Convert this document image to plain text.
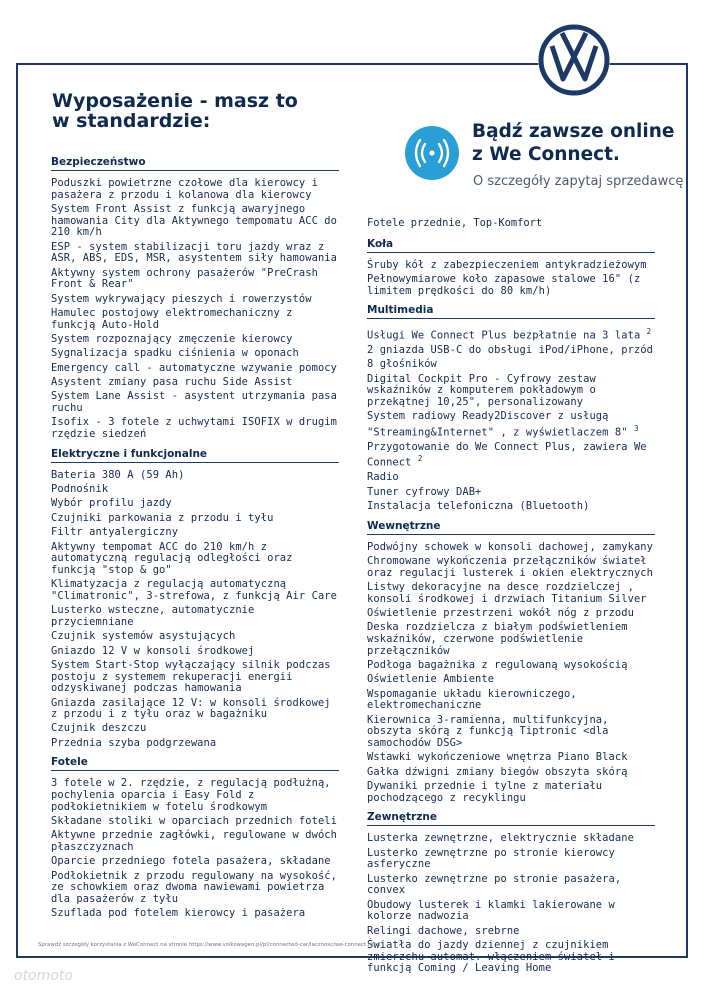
Wyposażenie - masz to
w standardzie:	Bądź zawsze online
z We Connect.
O szczegóły zapytaj sprzedawcę
Bezpieczeństwo
Poduszki powietrzne czołowe dla kierowcy i pasażera z przodu i kolanowa dla kierowcy
System Front Assist z funkcją awaryjnego hamowania City dla Aktywnego tempomatu ACC do 210 km/h
ESP - system stabilizacji toru jazdy wraz z ASR, ABS, EDS, MSR, asystentem siły hamowania
Aktywny system ochrony pasażerów "PreCrash Front & Rear"
System wykrywający pieszych i rowerzystów
Hamulec postojowy elektromechaniczny z funkcją Auto-Hold
System rozpoznający zmęczenie kierowcy
Sygnalizacja spadku ciśnienia w oponach
Emergency call - automatyczne wzywanie pomocy
Asystent zmiany pasa ruchu Side Assist
System Lane Assist - asystent utrzymania pasa ruchu
Isofix - 3 fotele z uchwytami ISOFIX w drugim rzędzie siedzeń
Elektryczne i funkcjonalne
Bateria 380 A (59 Ah)
Podnośnik
Wybór profilu jazdy
Czujniki parkowania z przodu i tyłu
Filtr antyalergiczny
Aktywny tempomat ACC do 210 km/h z automatyczną regulacją odległości oraz funkcją "stop & go"
Klimatyzacja z regulacją automatyczną "Climatronic", 3-strefowa, z funkcją Air Care
Lusterko wsteczne, automatycznie przyciemniane
Czujnik systemów asystujących
Gniazdo 12 V w konsoli środkowej
System Start-Stop wyłączający silnik podczas postoju z systemem rekuperacji energii odzyskiwanej podczas hamowania
Gniazda zasilające 12 V: w konsoli środkowej z przodu i z tyłu oraz w bagażniku
Czujnik deszczu
Przednia szyba podgrzewana
Fotele
3 fotele w 2. rzędzie, z regulacją podłużną, pochylenia oparcia i Easy Fold z podłokietnikiem w fotelu środkowym
Składane stoliki w oparciach przednich foteli
Aktywne przednie zagłówki, regulowane w dwóch płaszczyznach
Oparcie przedniego fotela pasażera, składane
Podłokietnik z przodu regulowany na wysokość, ze schowkiem oraz dwoma nawiewami powietrza dla pasażerów z tyłu
Szuflada pod fotelem kierowcy i pasażera
Fotele przednie, Top-Komfort
Koła
Śruby kół z zabezpieczeniem antykradzieżowym
Pełnowymiarowe koło zapasowe stalowe 16" (z limitem prędkości do 80 km/h)
Multimedia
Usługi We Connect Plus bezpłatnie na 3 lata $^2$
2 gniazda USB-C do obsługi iPod/iPhone, przód
8 głośników
Digital Cockpit Pro - Cyfrowy zestaw wskaźników z komputerem pokładowym o przekątnej 10,25", personalizowany
System radiowy Ready2Discover z usługą "Streaming&Internet" , z wyświetlaczem 8" $^3$
Przygotowanie do We Connect Plus, zawiera We Connect $^2$
Radio
Tuner cyfrowy DAB+
Instalacja telefoniczna (Bluetooth)
Wewnętrzne
Podwójny schowek w konsoli dachowej, zamykany
Chromowane wykończenia przełączników świateł oraz regulacji lusterek i okien elektrycznych
Listwy dekoracyjne na desce rozdzielczej , konsoli środkowej i drzwiach Titanium Silver
Oświetlenie przestrzeni wokół nóg z przodu
Deska rozdzielcza z białym podświetleniem wskaźników, czerwone podświetlenie przełączników
Podłoga bagażnika z regulowaną wysokością
Oświetlenie Ambiente
Wspomaganie układu kierowniczego, elektromechaniczne
Kierownica 3-ramienna, multifunkcyjna, obszyta skórą z funkcją Tiptronic <dla samochodów DSG>
Wstawki wykończeniowe wnętrza Piano Black
Gałka dźwigni zmiany biegów obszyta skórą
Dywaniki przednie i tylne z materiału pochodzącego z recyklingu
Zewnętrzne
Lusterka zewnętrzne, elektrycznie składane
Lusterko zewnętrzne po stronie kierowcy asferyczne
Lusterko zewnętrzne po stronie pasażera, convex
Obudowy lusterek i klamki lakierowane w kolorze nadwozia
Relingi dachowe, srebrne
Światła do jazdy dziennej z czujnikiem zmierzchu automat. włączeniem świateł i funkcją Coming / Leaving Home
Sprawdź szczegóły korzystania z WeConnect na stronie https://www.volkswagen.pl/pl/connected-car/lacznosc/we-connect.html
otomoto
